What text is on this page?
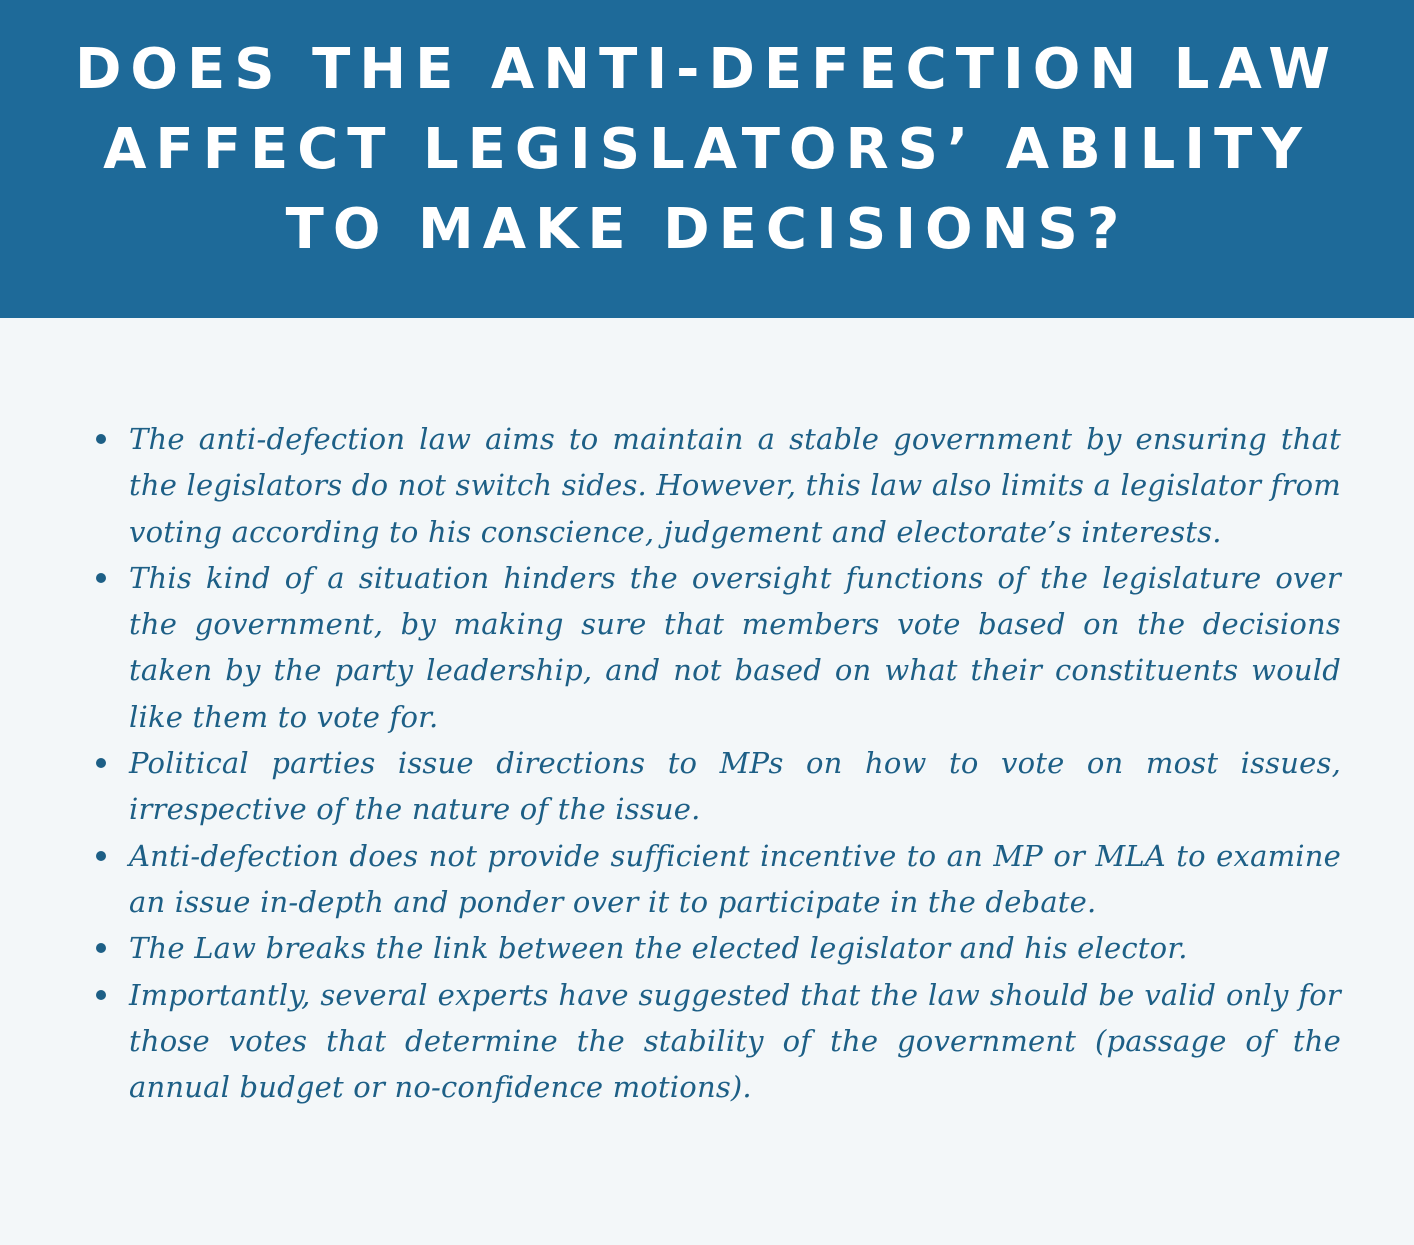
DOES THE ANTI-DEFECTION LAW AFFECT LEGISLATORS’ ABILITY TO MAKE DECISIONS?
The anti-defection law aims to maintain a stable government by ensuring that the legislators do not switch sides. However, this law also limits a legislator from voting according to his conscience, judgement and electorate’s interests.
This kind of a situation hinders the oversight functions of the legislature over the government, by making sure that members vote based on the decisions taken by the party leadership, and not based on what their constituents would like them to vote for.
Political parties issue directions to MPs on how to vote on most issues, irrespective of the nature of the issue.
Anti-defection does not provide sufficient incentive to an MP or MLA to examine an issue in-depth and ponder over it to participate in the debate.
The Law breaks the link between the elected legislator and his elector.
Importantly, several experts have suggested that the law should be valid only for those votes that determine the stability of the government (passage of the annual budget or no-confidence motions).
